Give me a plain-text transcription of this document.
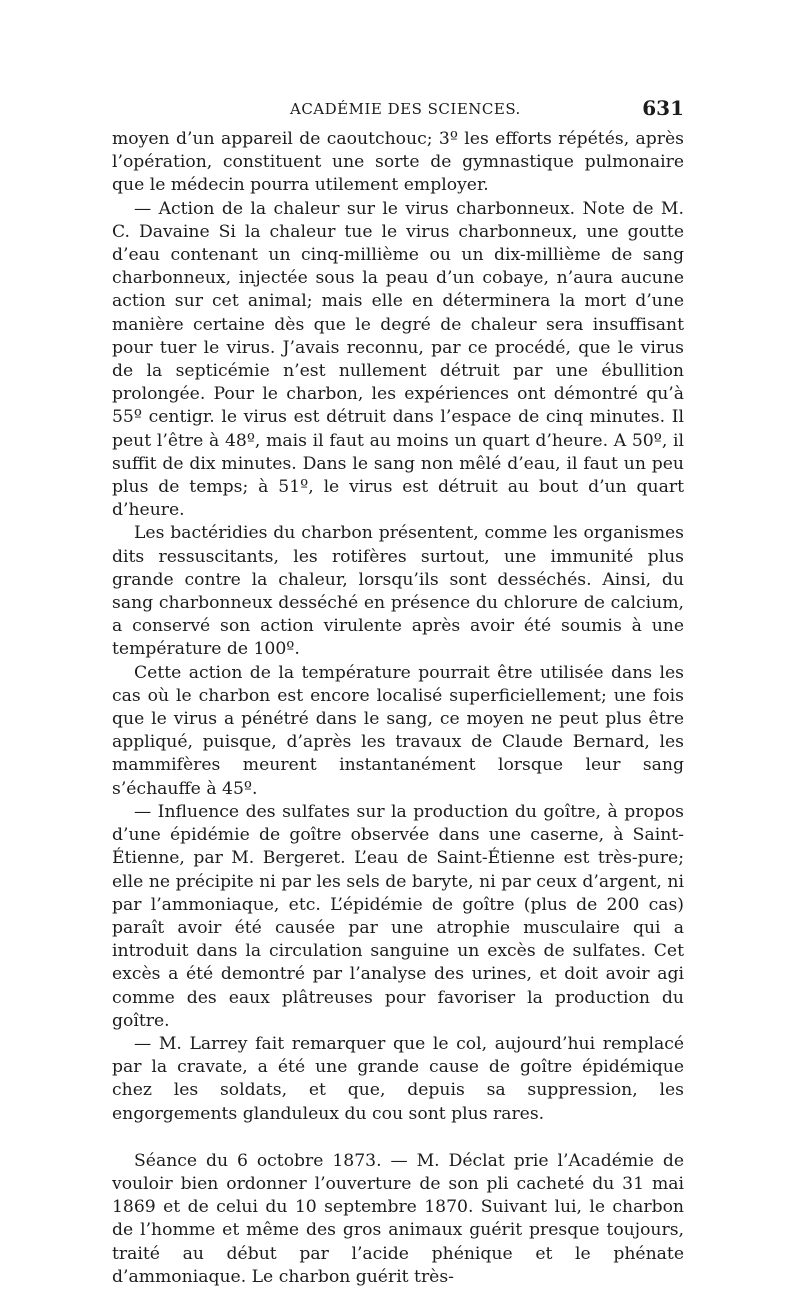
ACADÉMIE DES SCIENCES.	631

moyen d’un appareil de caoutchouc; 3º les efforts répétés, après l’opération, constituent une sorte de gymnastique pulmonaire que le médecin pourra utilement employer.

— Action de la chaleur sur le virus charbonneux. Note de M. C. Davaine Si la chaleur tue le virus charbonneux, une goutte d’eau contenant un cinq-millième ou un dix-millième de sang charbonneux, injectée sous la peau d’un cobaye, n’aura aucune action sur cet animal; mais elle en déterminera la mort d’une manière certaine dès que le degré de chaleur sera insuffisant pour tuer le virus. J’avais reconnu, par ce procédé, que le virus de la septicémie n’est nullement détruit par une ébullition prolongée. Pour le charbon, les expériences ont démontré qu’à 55º centigr. le virus est détruit dans l’espace de cinq minutes. Il peut l’être à 48º, mais il faut au moins un quart d’heure. A 50º, il suffit de dix minutes. Dans le sang non mêlé d’eau, il faut un peu plus de temps; à 51º, le virus est détruit au bout d’un quart d’heure.

Les bactéridies du charbon présentent, comme les organismes dits ressuscitants, les rotifères surtout, une immunité plus grande contre la chaleur, lorsqu’ils sont desséchés. Ainsi, du sang charbonneux desséché en présence du chlorure de calcium, a conservé son action virulente après avoir été soumis à une température de 100º.

Cette action de la température pourrait être utilisée dans les cas où le charbon est encore localisé superficiellement; une fois que le virus a pénétré dans le sang, ce moyen ne peut plus être appliqué, puisque, d’après les travaux de Claude Bernard, les mammifères meurent instantanément lorsque leur sang s’échauffe à 45º.

— Influence des sulfates sur la production du goître, à propos d’une épidémie de goître observée dans une caserne, à Saint-Étienne, par M. Bergeret. L’eau de Saint-Étienne est très-pure; elle ne précipite ni par les sels de baryte, ni par ceux d’argent, ni par l’ammoniaque, etc. L’épidémie de goître (plus de 200 cas) paraît avoir été causée par une atrophie musculaire qui a introduit dans la circulation sanguine un excès de sulfates. Cet excès a été demontré par l’analyse des urines, et doit avoir agi comme des eaux plâtreuses pour favoriser la production du goître.

— M. Larrey fait remarquer que le col, aujourd’hui remplacé par la cravate, a été une grande cause de goître épidémique chez les soldats, et que, depuis sa suppression, les engorgements glanduleux du cou sont plus rares.

Séance du 6 octobre 1873. — M. Déclat prie l’Académie de vouloir bien ordonner l’ouverture de son pli cacheté du 31 mai 1869 et de celui du 10 septembre 1870. Suivant lui, le charbon de l’homme et même des gros animaux guérit presque toujours, traité au début par l’acide phénique et le phénate d’ammoniaque. Le charbon guérit très-
